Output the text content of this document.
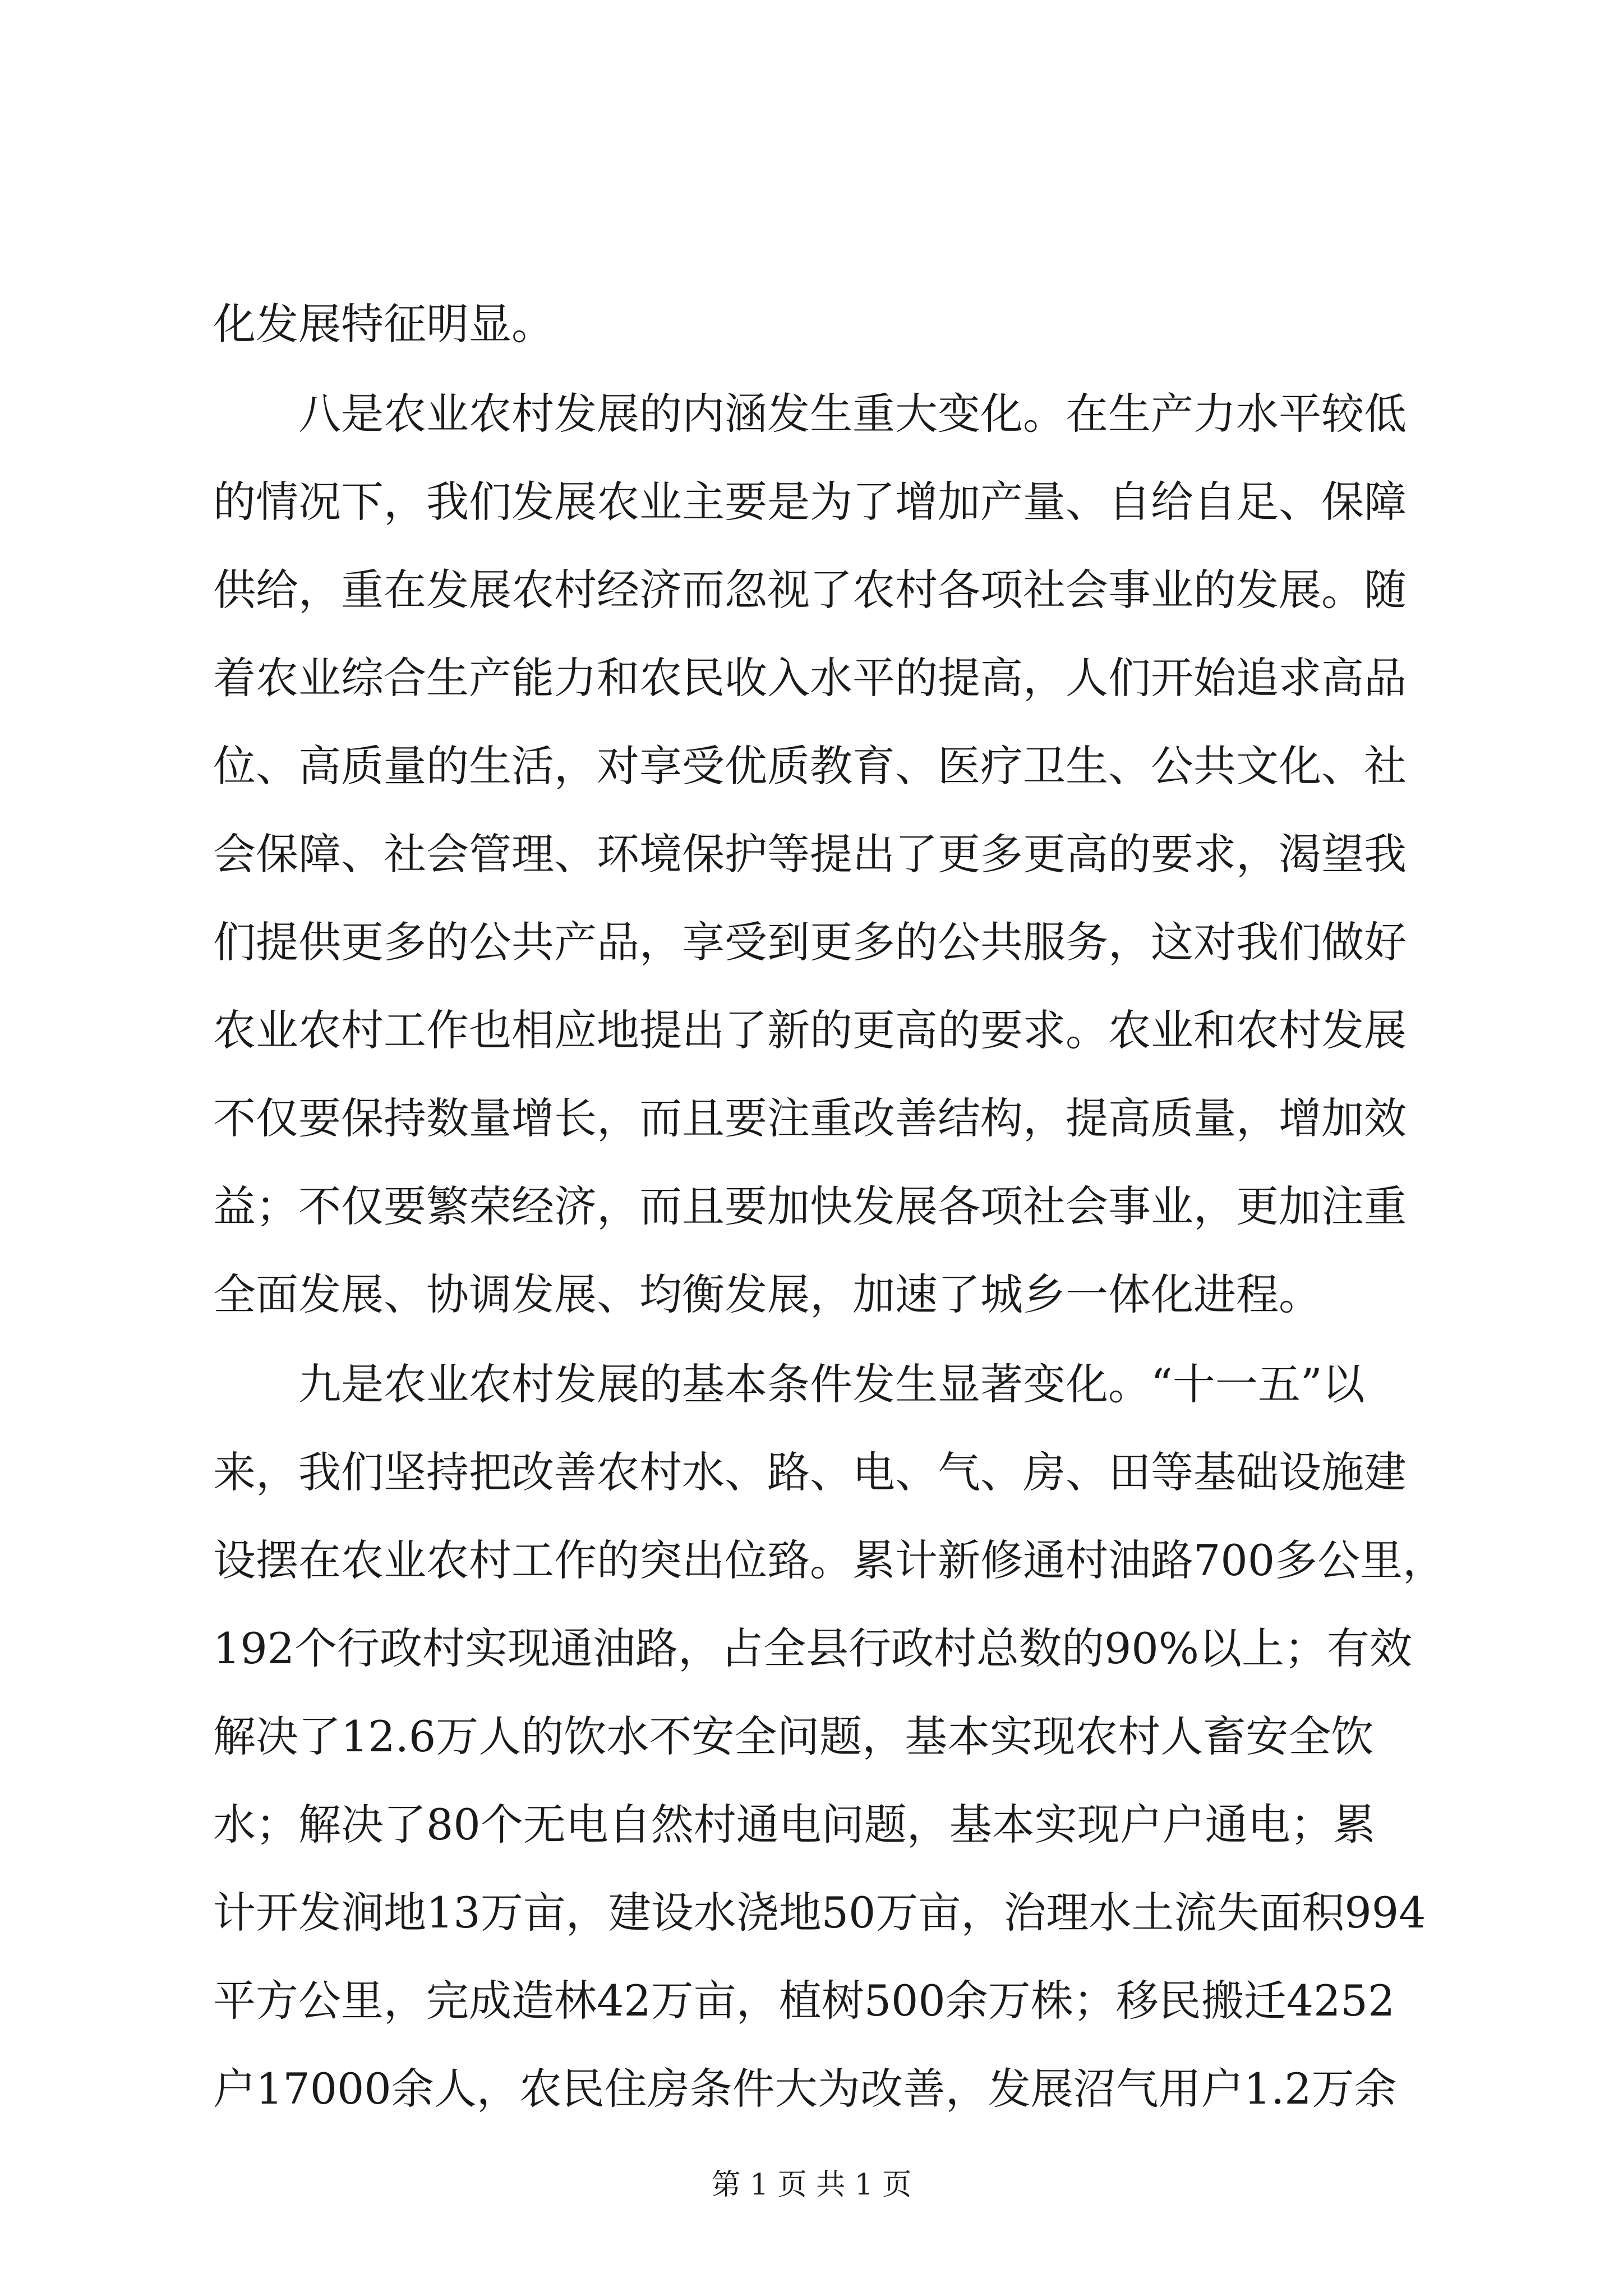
化发展特征明显。
　　八是农业农村发展的内涵发生重大变化。在生产力水平较低
的情况下，我们发展农业主要是为了增加产量、自给自足、保障
供给，重在发展农村经济而忽视了农村各项社会事业的发展。随
着农业综合生产能力和农民收入水平的提高，人们开始追求高品
位、高质量的生活，对享受优质教育、医疗卫生、公共文化、社
会保障、社会管理、环境保护等提出了更多更高的要求，渴望我
们提供更多的公共产品，享受到更多的公共服务，这对我们做好
农业农村工作也相应地提出了新的更高的要求。农业和农村发展
不仅要保持数量增长，而且要注重改善结构，提高质量，增加效
益；不仅要繁荣经济，而且要加快发展各项社会事业，更加注重
全面发展、协调发展、均衡发展，加速了城乡一体化进程。
　　九是农业农村发展的基本条件发生显著变化。“十一五”以
来，我们坚持把改善农村水、路、电、气、房、田等基础设施建
设摆在农业农村工作的突出位臵。累计新修通村油路700多公里，
192个行政村实现通油路，占全县行政村总数的90%以上；有效
解决了12.6万人的饮水不安全问题，基本实现农村人畜安全饮
水；解决了80个无电自然村通电问题，基本实现户户通电；累
计开发涧地13万亩，建设水浇地50万亩，治理水土流失面积994
平方公里，完成造林42万亩，植树500余万株；移民搬迁4252
户17000余人，农民住房条件大为改善，发展沼气用户1.2万余
第 1 页 共 1 页
